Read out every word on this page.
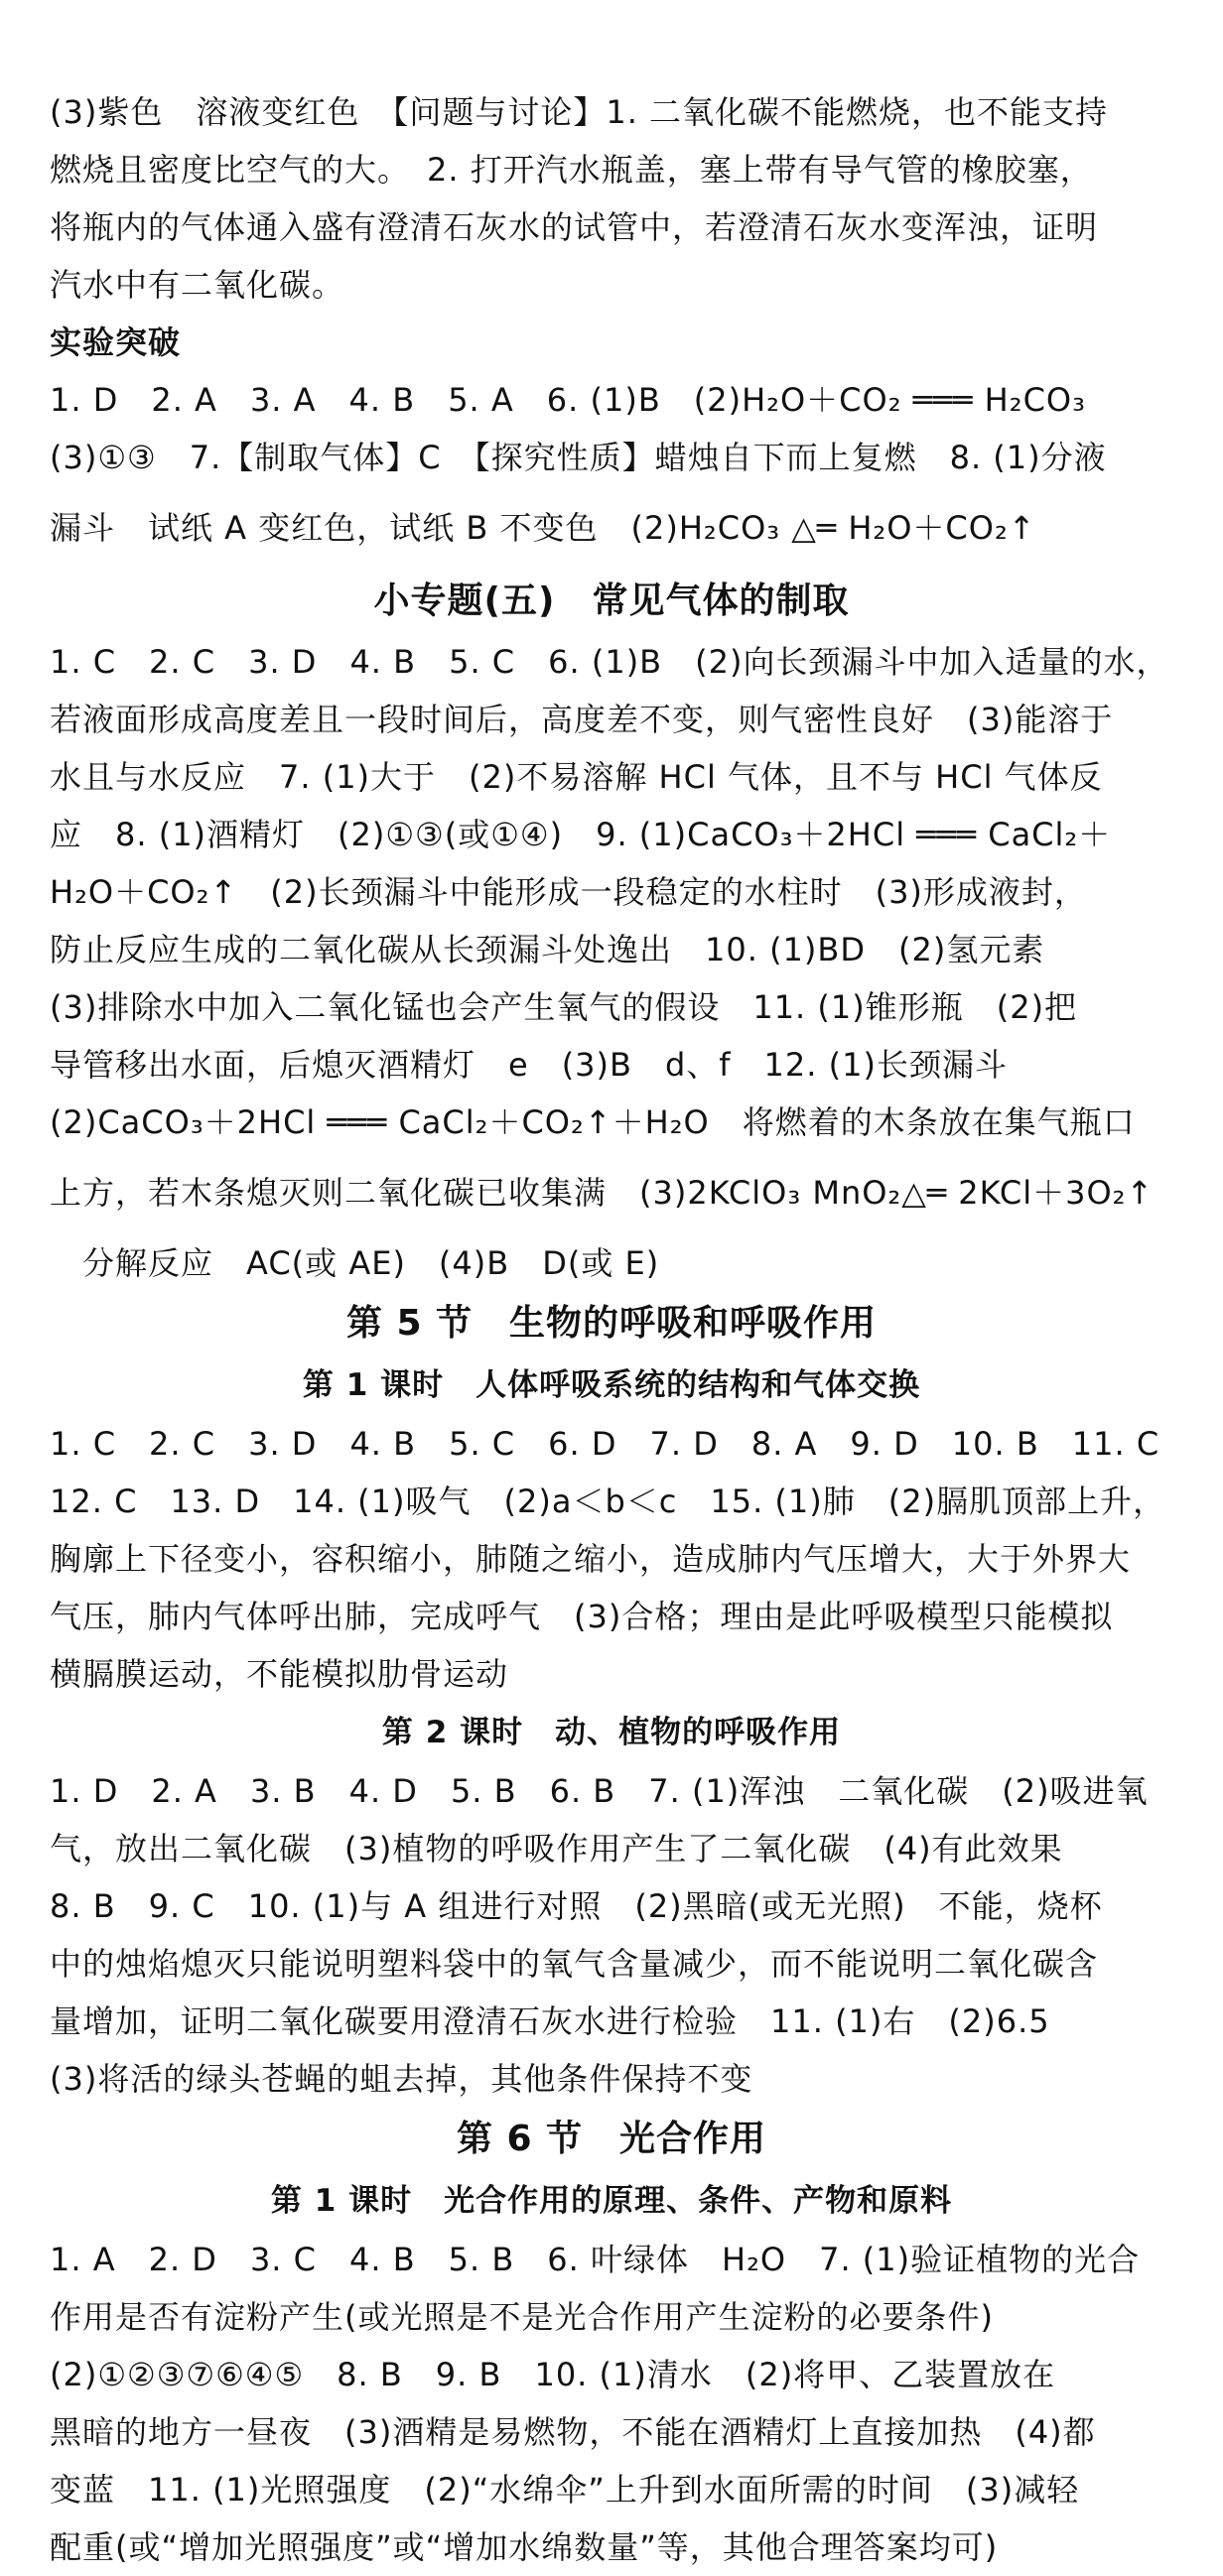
(3)紫色　溶液变红色　【问题与讨论】1. 二氧化碳不能燃烧，也不能支持
燃烧且密度比空气的大。　2. 打开汽水瓶盖，塞上带有导气管的橡胶塞，
将瓶内的气体通入盛有澄清石灰水的试管中，若澄清石灰水变浑浊，证明
汽水中有二氧化碳。
实验突破
1. D　2. A　3. A　4. B　5. A　6. (1)B　(2)H₂O＋CO₂ ═══ H₂CO₃
(3)①③　7.【制取气体】C　【探究性质】蜡烛自下而上复燃　8. (1)分液
漏斗　试纸 A 变红色，试纸 B 不变色　(2)H₂CO₃ △═ H₂O＋CO₂↑
小专题(五)　常见气体的制取
1. C　2. C　3. D　4. B　5. C　6. (1)B　(2)向长颈漏斗中加入适量的水，
若液面形成高度差且一段时间后，高度差不变，则气密性良好　(3)能溶于
水且与水反应　7. (1)大于　(2)不易溶解 HCl 气体，且不与 HCl 气体反
应　8. (1)酒精灯　(2)①③(或①④)　9. (1)CaCO₃＋2HCl ═══ CaCl₂＋
H₂O＋CO₂↑　(2)长颈漏斗中能形成一段稳定的水柱时　(3)形成液封，
防止反应生成的二氧化碳从长颈漏斗处逸出　10. (1)BD　(2)氢元素
(3)排除水中加入二氧化锰也会产生氧气的假设　11. (1)锥形瓶　(2)把
导管移出水面，后熄灭酒精灯　e　(3)B　d、f　12. (1)长颈漏斗
(2)CaCO₃＋2HCl ═══ CaCl₂＋CO₂↑＋H₂O　将燃着的木条放在集气瓶口
上方，若木条熄灭则二氧化碳已收集满　(3)2KClO₃ MnO₂△═ 2KCl＋3O₂↑
　分解反应　AC(或 AE)　(4)B　D(或 E)
第 5 节　生物的呼吸和呼吸作用
第 1 课时　人体呼吸系统的结构和气体交换
1. C　2. C　3. D　4. B　5. C　6. D　7. D　8. A　9. D　10. B　11. C
12. C　13. D　14. (1)吸气　(2)a＜b＜c　15. (1)肺　(2)膈肌顶部上升，
胸廓上下径变小，容积缩小，肺随之缩小，造成肺内气压增大，大于外界大
气压，肺内气体呼出肺，完成呼气　(3)合格；理由是此呼吸模型只能模拟
横膈膜运动，不能模拟肋骨运动
第 2 课时　动、植物的呼吸作用
1. D　2. A　3. B　4. D　5. B　6. B　7. (1)浑浊　二氧化碳　(2)吸进氧
气，放出二氧化碳　(3)植物的呼吸作用产生了二氧化碳　(4)有此效果
8. B　9. C　10. (1)与 A 组进行对照　(2)黑暗(或无光照)　不能，烧杯
中的烛焰熄灭只能说明塑料袋中的氧气含量减少，而不能说明二氧化碳含
量增加，证明二氧化碳要用澄清石灰水进行检验　11. (1)右　(2)6.5
(3)将活的绿头苍蝇的蛆去掉，其他条件保持不变
第 6 节　光合作用
第 1 课时　光合作用的原理、条件、产物和原料
1. A　2. D　3. C　4. B　5. B　6. 叶绿体　H₂O　7. (1)验证植物的光合
作用是否有淀粉产生(或光照是不是光合作用产生淀粉的必要条件)
(2)①②③⑦⑥④⑤　8. B　9. B　10. (1)清水　(2)将甲、乙装置放在
黑暗的地方一昼夜　(3)酒精是易燃物，不能在酒精灯上直接加热　(4)都
变蓝　11. (1)光照强度　(2)“水绵伞”上升到水面所需的时间　(3)减轻
配重(或“增加光照强度”或“增加水绵数量”等，其他合理答案均可)
